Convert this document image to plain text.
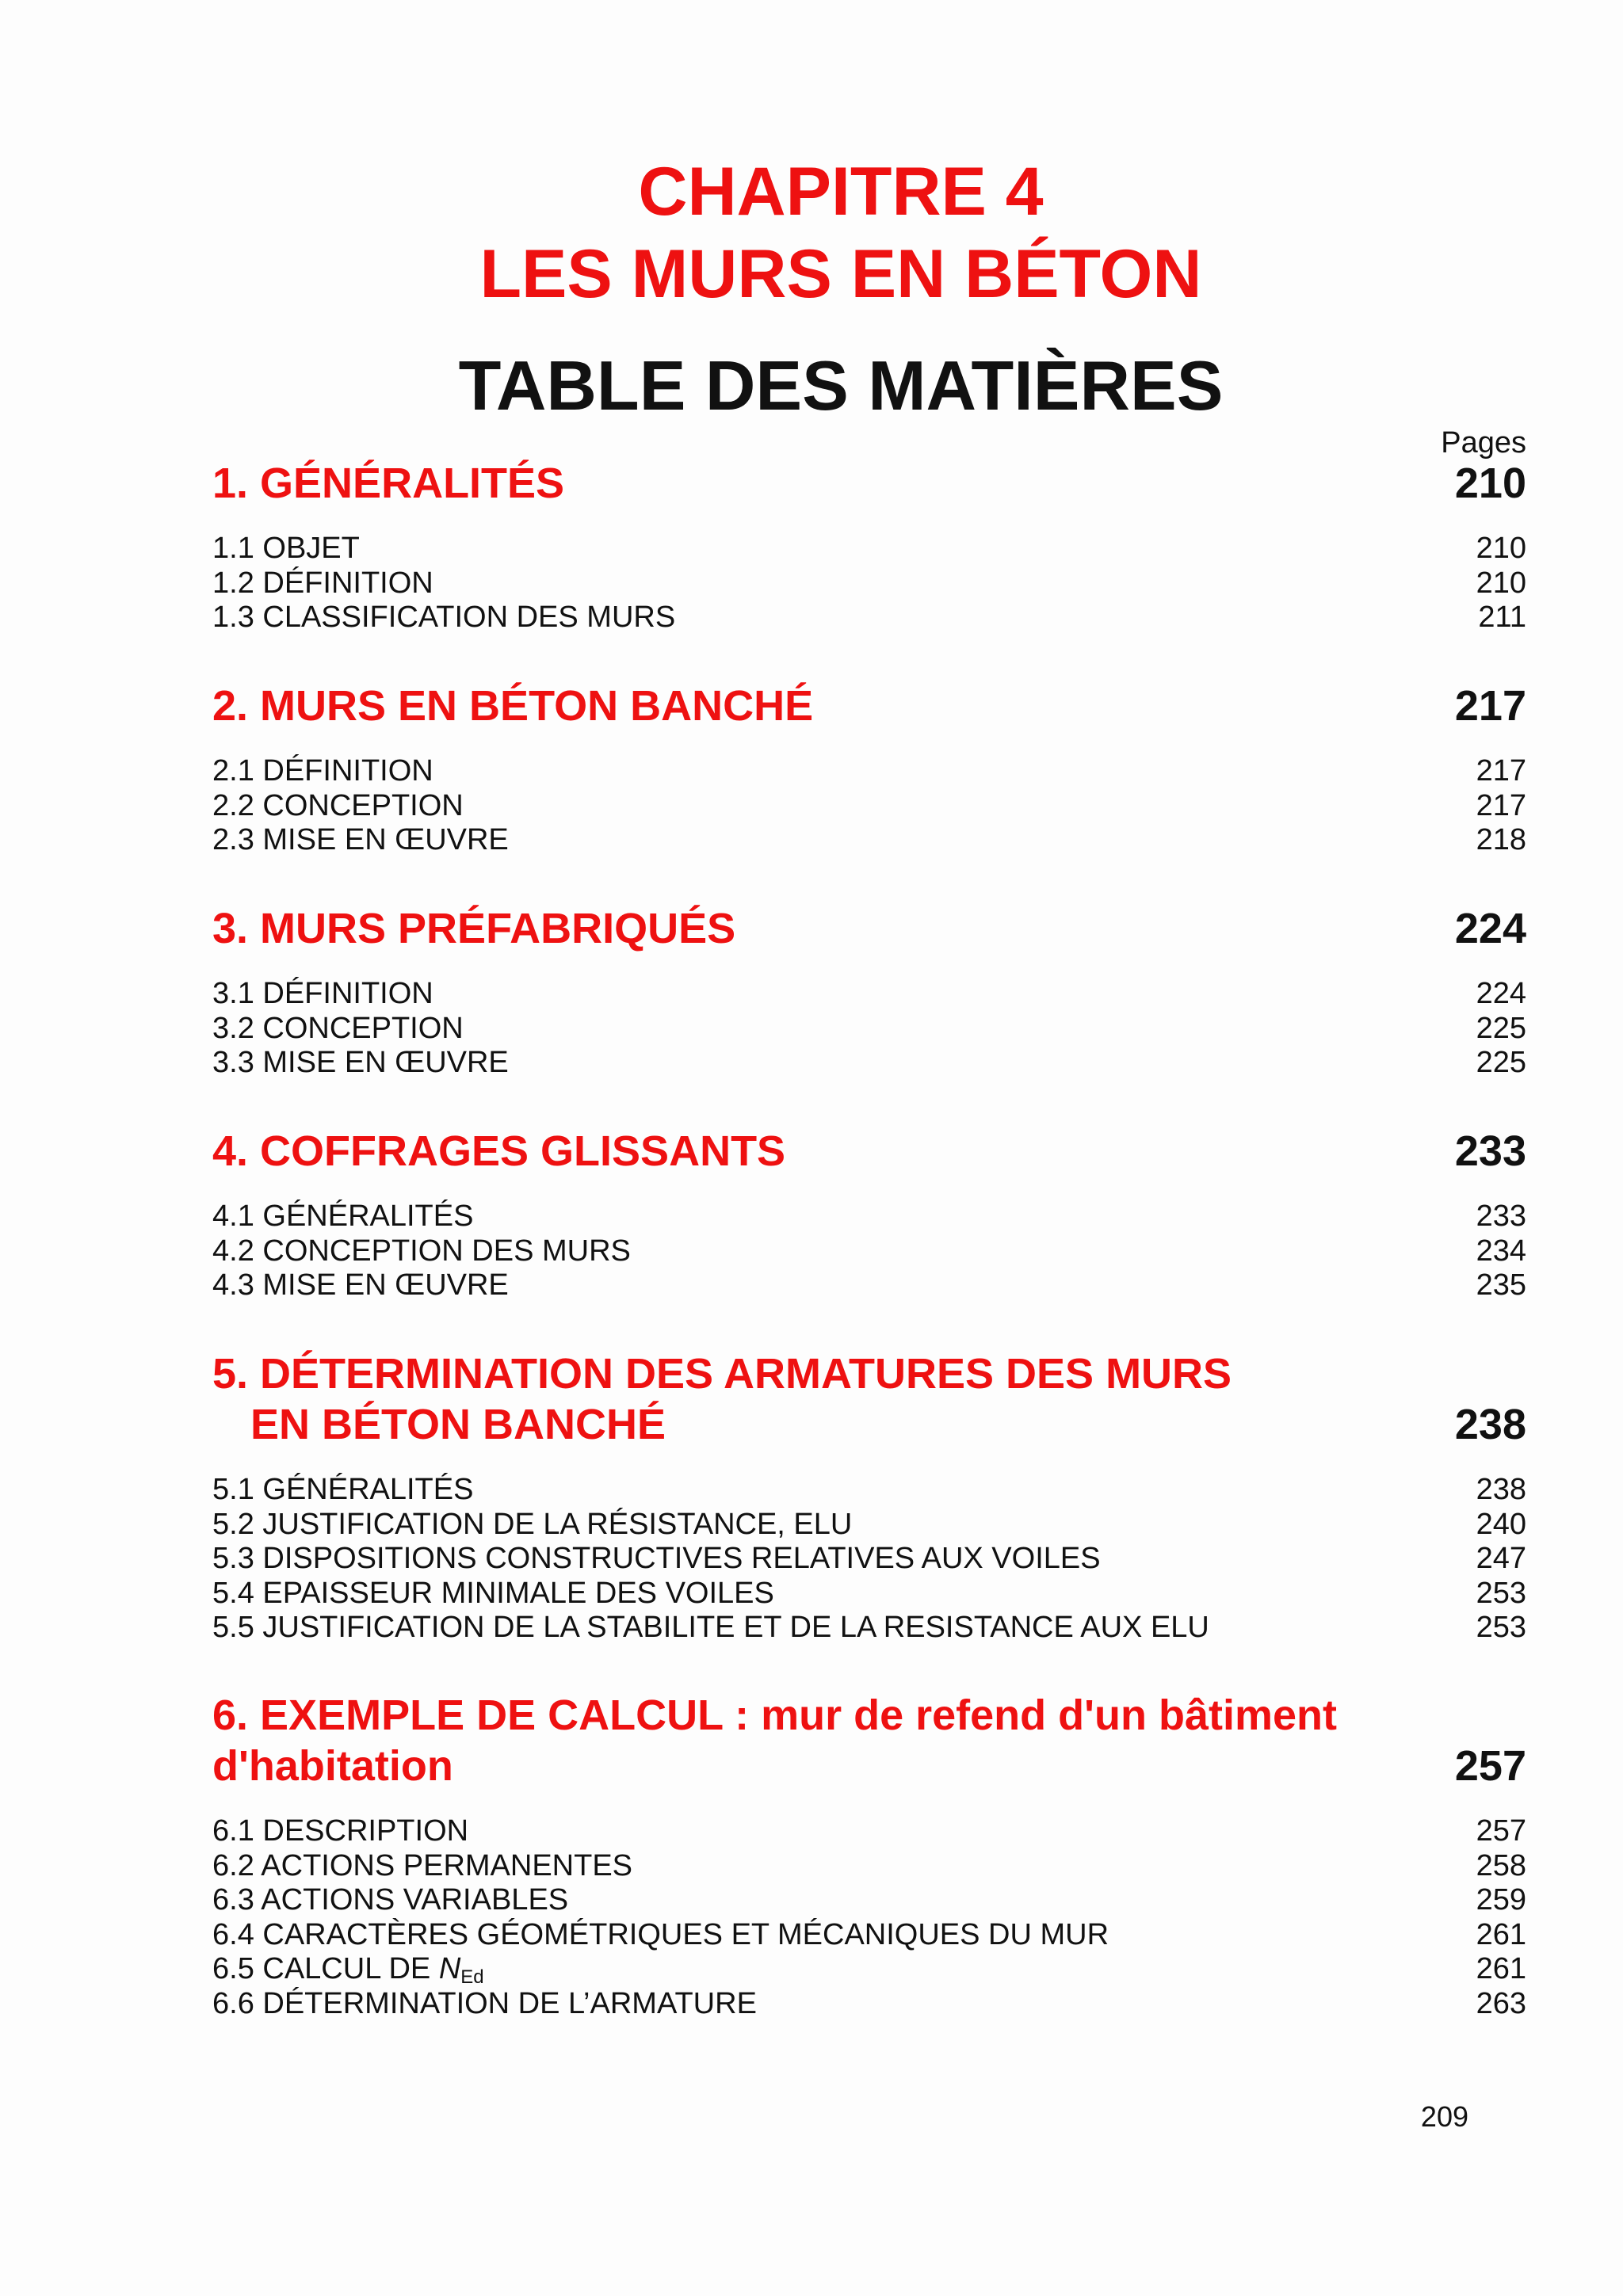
CHAPITRE 4
LES MURS EN BÉTON
TABLE DES MATIÈRES
Pages
1. GÉNÉRALITÉS	210
1.1 OBJET	210
1.2 DÉFINITION	210
1.3 CLASSIFICATION DES MURS	211
2. MURS EN BÉTON BANCHÉ	217
2.1 DÉFINITION	217
2.2 CONCEPTION	217
2.3 MISE EN ŒUVRE	218
3. MURS PRÉFABRIQUÉS	224
3.1 DÉFINITION	224
3.2 CONCEPTION	225
3.3 MISE EN ŒUVRE	225
4. COFFRAGES GLISSANTS	233
4.1 GÉNÉRALITÉS	233
4.2 CONCEPTION DES MURS	234
4.3 MISE EN ŒUVRE	235
5. DÉTERMINATION DES ARMATURES DES MURS
EN BÉTON BANCHÉ	238
5.1 GÉNÉRALITÉS	238
5.2 JUSTIFICATION DE LA RÉSISTANCE, ELU	240
5.3 DISPOSITIONS CONSTRUCTIVES RELATIVES AUX VOILES	247
5.4 EPAISSEUR MINIMALE DES VOILES	253
5.5 JUSTIFICATION DE LA STABILITE ET DE LA RESISTANCE AUX ELU	253
6. EXEMPLE DE CALCUL : mur de refend d'un bâtiment
d'habitation	257
6.1 DESCRIPTION	257
6.2 ACTIONS PERMANENTES	258
6.3 ACTIONS VARIABLES	259
6.4 CARACTÈRES GÉOMÉTRIQUES ET MÉCANIQUES DU MUR	261
6.5 CALCUL DE $N_{Ed}$	261
6.6 DÉTERMINATION DE L’ARMATURE	263
209
